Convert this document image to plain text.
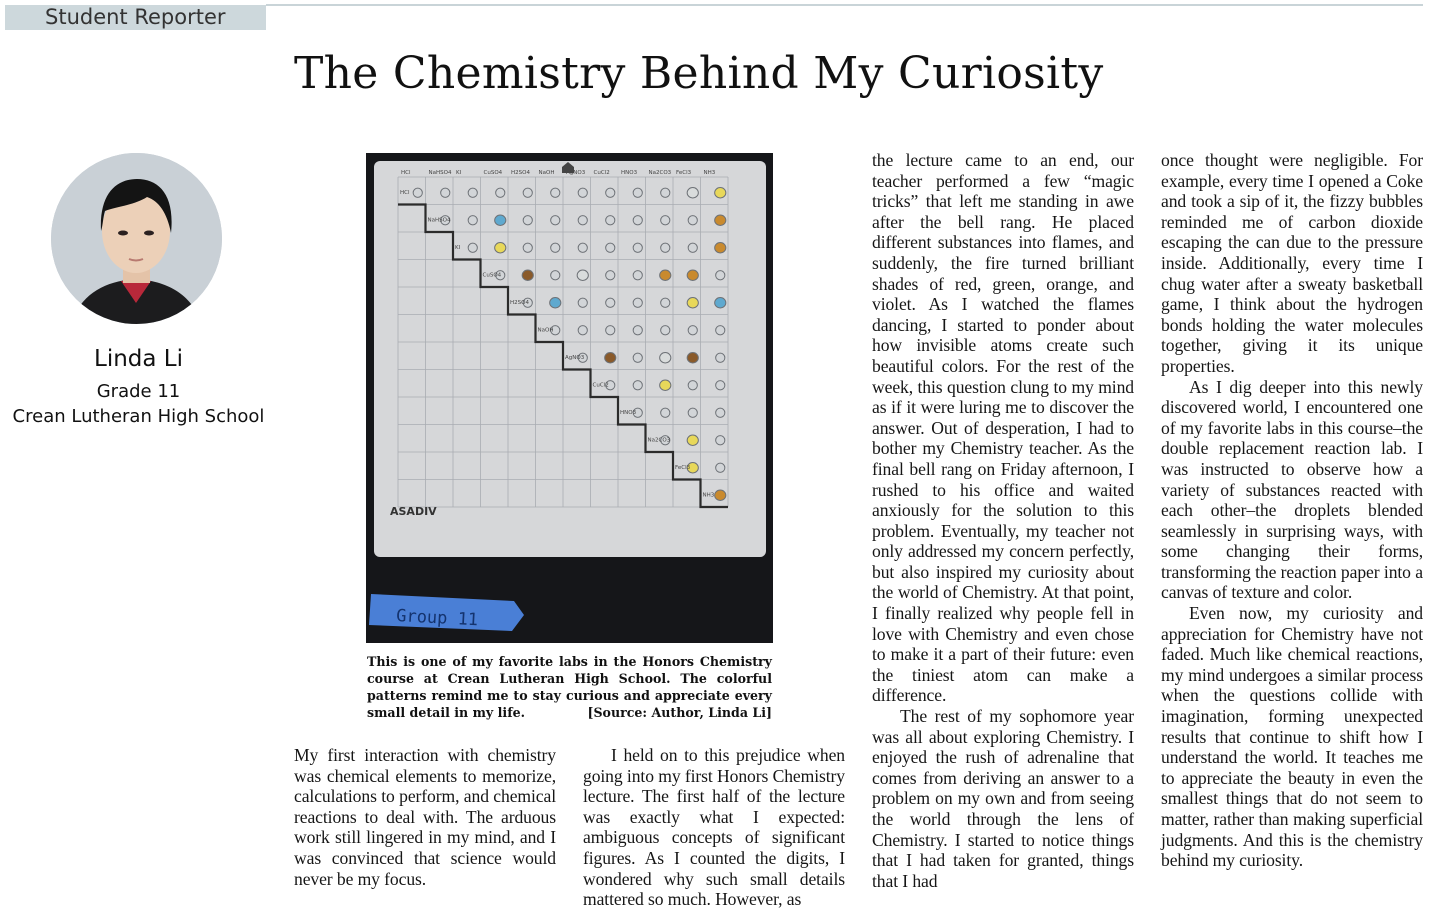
Student Reporter
The Chemistry Behind My Curiosity
Linda Li
Grade 11
Crean Lutheran High School
HCl
NaHSO4
KI
CuSO4
H2SO4
NaOH
AgNO3
CuCl2
HNO3
Na2CO3
FeCl3
NH3
HCl	NaHSO4 KI	CuSO4 H2SO4 NaOH AgNO3 CuCl2 HNO3 Na2CO3 FeCl3 NH3
ASADIV
Group 11
This is one of my favorite labs in the Honors Chemistry course at Crean Lutheran High School. The colorful patterns remind me to stay curious and appreciate every small detail in my life.	[Source: Author, Linda Li]

My first interaction with chemistry was chemical elements to memorize, calculations to perform, and chemical reactions to deal with. The arduous work still lingered in my mind, and I was convinced that science would never be my focus.

I held on to this prejudice when going into my first Honors Chemistry lecture. The first half of the lecture was exactly what I expected: ambiguous concepts of significant figures. As I counted the digits, I wondered why such small details mattered so much. However, as

the lecture came to an end, our teacher performed a few “magic tricks” that left me standing in awe after the bell rang. He placed different substances into flames, and suddenly, the fire turned brilliant shades of red, green, orange, and violet. As I watched the flames dancing, I started to ponder about how invisible atoms create such beautiful colors. For the rest of the week, this question clung to my mind as if it were luring me to discover the answer. Out of desperation, I had to bother my Chemistry teacher. As the final bell rang on Friday afternoon, I rushed to his office and waited anxiously for the solution to this problem. Eventually, my teacher not only addressed my concern perfectly, but also inspired my curiosity about the world of Chemistry. At that point, I finally realized why people fell in love with Chemistry and even chose to make it a part of their future: even the tiniest atom can make a difference.

The rest of my sophomore year was all about exploring Chemistry. I enjoyed the rush of adrenaline that comes from deriving an answer to a problem on my own and from seeing the world through the lens of Chemistry. I started to notice things that I had taken for granted, things that I had

once thought were negligible. For example, every time I opened a Coke and took a sip of it, the fizzy bubbles reminded me of carbon dioxide escaping the can due to the pressure inside. Additionally, every time I chug water after a sweaty basketball game, I think about the hydrogen bonds holding the water molecules together, giving it its unique properties.

As I dig deeper into this newly discovered world, I encountered one of my favorite labs in this course–the double replacement reaction lab. I was instructed to observe how a variety of substances reacted with each other–the droplets blended seamlessly in surprising ways, with some changing their forms, transforming the reaction paper into a canvas of texture and color.

Even now, my curiosity and appreciation for Chemistry have not faded. Much like chemical reactions, my mind undergoes a similar process when the questions collide with imagination, forming unexpected results that continue to shift how I understand the world. It teaches me to appreciate the beauty in even the smallest things that do not seem to matter, rather than making superficial judgments. And this is the chemistry behind my curiosity.
